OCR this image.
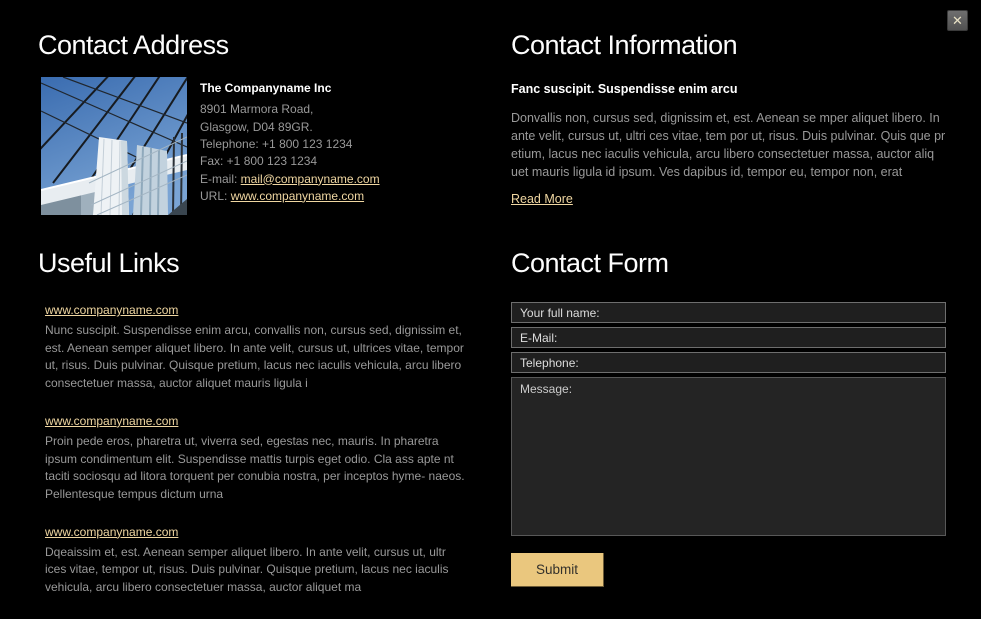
✕
Contact Address
The Companyname Inc
8901 Marmora Road,
Glasgow, D04 89GR.
Telephone: +1 800 123 1234
Fax: +1 800 123 1234
E-mail: mail@companyname.com
URL: www.companyname.com
Contact Information
Fanc suscipit. Suspendisse enim arcu

Donvallis non, cursus sed, dignissim et, est. Aenean se mper aliquet libero. In ante velit, cursus ut, ultri ces vitae, tem por ut, risus. Duis pulvinar. Quis que pr etium, lacus nec iaculis vehicula, arcu libero consectetuer massa, auctor aliq uet mauris ligula id ipsum. Ves dapibus id, tempor eu, tempor non, erat

Read More
Useful Links
www.companyname.com

Nunc suscipit. Suspendisse enim arcu, convallis non, cursus sed, dignissim et, est. Aenean semper aliquet libero. In ante velit, cursus ut, ultrices vitae, tempor ut, risus. Duis pulvinar. Quisque pretium, lacus nec iaculis vehicula, arcu libero consectetuer massa, auctor aliquet mauris ligula i

www.companyname.com

Proin pede eros, pharetra ut, viverra sed, egestas nec, mauris. In pharetra ipsum condimentum elit. Suspendisse mattis turpis eget odio. Cla ass apte nt taciti sociosqu ad litora torquent per conubia nostra, per inceptos hyme- naeos. Pellentesque tempus dictum urna

www.companyname.com

Dqeaissim et, est. Aenean semper aliquet libero. In ante velit, cursus ut, ultr ices vitae, tempor ut, risus. Duis pulvinar. Quisque pretium, lacus nec iaculis vehicula, arcu libero consectetuer massa, auctor aliquet ma

Contact Form
Your full name:
E-Mail:
Telephone:
Message: Submit
